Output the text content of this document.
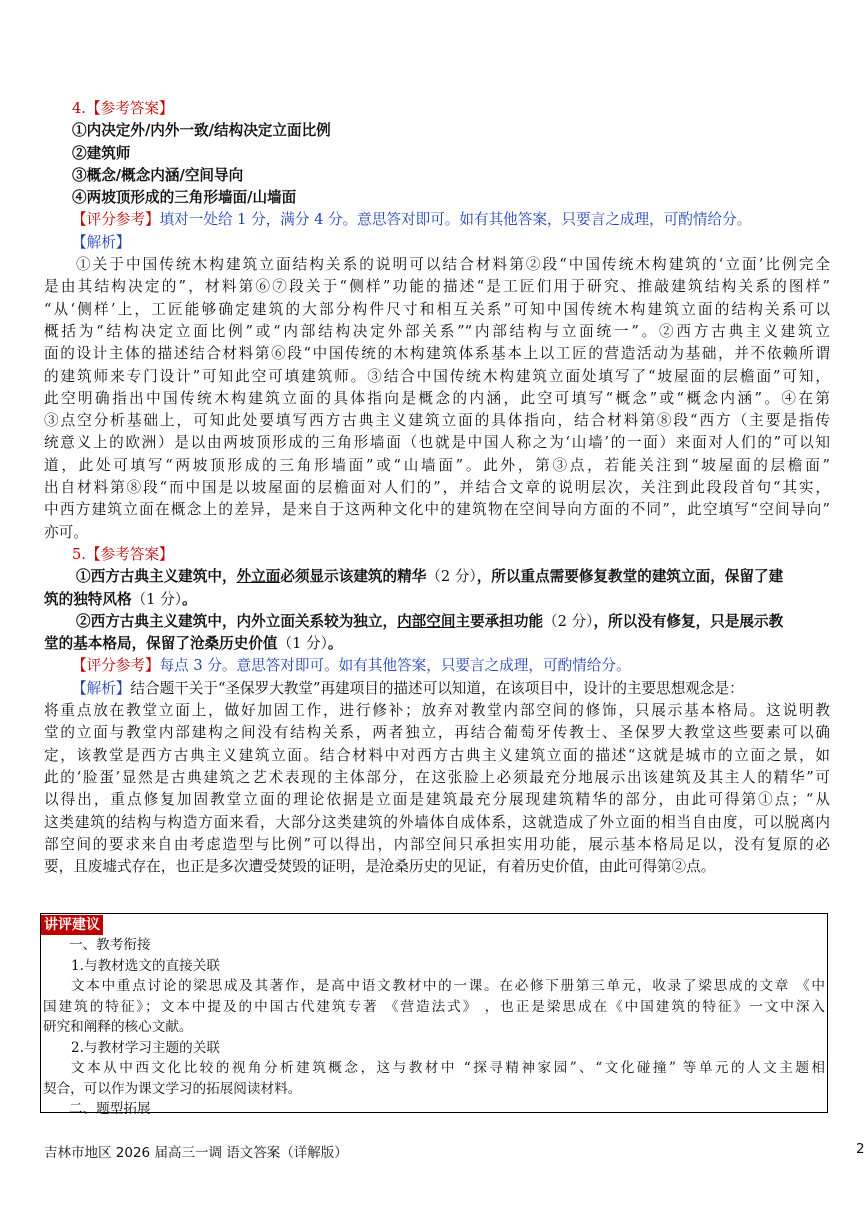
4.【参考答案】
①内决定外/内外一致/结构决定立面比例
②建筑师
③概念/概念内涵/空间导向
④两坡顶形成的三角形墙面/山墙面
【评分参考】填对一处给 1 分，满分 4 分。意思答对即可。如有其他答案，只要言之成理，可酌情给分。
【解析】
①关于中国传统木构建筑立面结构关系的说明可以结合材料第②段“中国传统木构建筑的‘立面’比例完全
是由其结构决定的”，材料第⑥⑦段关于“侧样”功能的描述“是工匠们用于研究、推敲建筑结构关系的图样”
“从‘侧样’上，工匠能够确定建筑的大部分构件尺寸和相互关系”可知中国传统木构建筑立面的结构关系可以
概括为“结构决定立面比例”或“内部结构决定外部关系”“内部结构与立面统一”。②西方古典主义建筑立
面的设计主体的描述结合材料第⑥段“中国传统的木构建筑体系基本上以工匠的营造活动为基础，并不依赖所谓
的建筑师来专门设计”可知此空可填建筑师。③结合中国传统木构建筑立面处填写了“坡屋面的层檐面”可知，
此空明确指出中国传统木构建筑立面的具体指向是概念的内涵，此空可填写“概念”或“概念内涵”。④在第
③点空分析基础上，可知此处要填写西方古典主义建筑立面的具体指向，结合材料第⑧段“西方（主要是指传
统意义上的欧洲）是以由两坡顶形成的三角形墙面（也就是中国人称之为‘山墙’的一面）来面对人们的”可以知
道，此处可填写“两坡顶形成的三角形墙面”或“山墙面”。此外，第③点，若能关注到“坡屋面的层檐面”
出自材料第⑧段“而中国是以坡屋面的层檐面对人们的”，并结合文章的说明层次，关注到此段段首句“其实，
中西方建筑立面在概念上的差异，是来自于这两种文化中的建筑物在空间导向方面的不同”，此空填写“空间导向”
亦可。
5.【参考答案】
①西方古典主义建筑中，外立面必须显示该建筑的精华（2 分），所以重点需要修复教堂的建筑立面，保留了建
筑的独特风格（1 分）。
②西方古典主义建筑中，内外立面关系较为独立，内部空间主要承担功能（2 分），所以没有修复，只是展示教
堂的基本格局，保留了沧桑历史价值（1 分）。
【评分参考】每点 3 分。意思答对即可。如有其他答案，只要言之成理，可酌情给分。
【解析】结合题干关于“圣保罗大教堂”再建项目的描述可以知道，在该项目中，设计的主要思想观念是：
将重点放在教堂立面上，做好加固工作，进行修补；放弃对教堂内部空间的修饰，只展示基本格局。这说明教
堂的立面与教堂内部建构之间没有结构关系，两者独立，再结合葡萄牙传教士、圣保罗大教堂这些要素可以确
定，该教堂是西方古典主义建筑立面。结合材料中对西方古典主义建筑立面的描述“这就是城市的立面之景，如
此的‘脸蛋’显然是古典建筑之艺术表现的主体部分，在这张脸上必须最充分地展示出该建筑及其主人的精华”可
以得出，重点修复加固教堂立面的理论依据是立面是建筑最充分展现建筑精华的部分，由此可得第①点；“从
这类建筑的结构与构造方面来看，大部分这类建筑的外墙体自成体系，这就造成了外立面的相当自由度，可以脱离内
部空间的要求来自由考虑造型与比例”可以得出，内部空间只承担实用功能，展示基本格局足以，没有复原的必
要，且废墟式存在，也正是多次遭受焚毁的证明，是沧桑历史的见证，有着历史价值，由此可得第②点。
讲评建议
一、教考衔接
1.与教材选文的直接关联
文本中重点讨论的梁思成及其著作，是高中语文教材中的一课。在必修下册第三单元，收录了梁思成的文章 《中
国建筑的特征》；文本中提及的中国古代建筑专著 《营造法式》 ，也正是梁思成在《中国建筑的特征》一文中深入
研究和阐释的核心文献。
2.与教材学习主题的关联
文本从中西文化比较的视角分析建筑概念，这与教材中 “探寻精神家园”、“文化碰撞” 等单元的人文主题相
契合，可以作为课文学习的拓展阅读材料。
二、题型拓展
吉林市地区 2026 届高三一调 语文答案（详解版）	2
